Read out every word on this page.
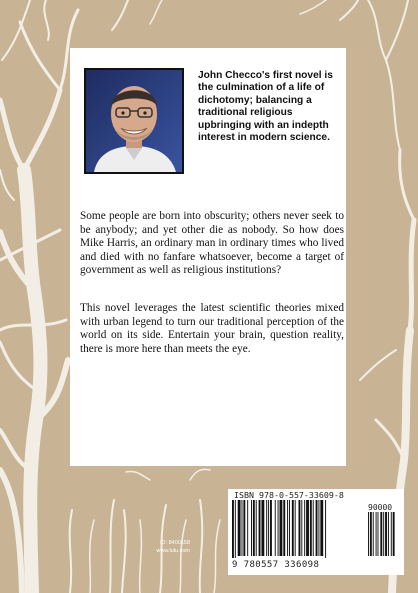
John Checco's first novel is the culmination of a life of dichotomy; balancing a traditional religious upbringing with an indepth interest in modern science.

Some people are born into obscurity; others never seek to be anybody; and yet other die as nobody. So how does Mike Harris, an ordinary man in ordinary times who lived and died with no fanfare whatsoever, become a target of government as well as religious institutions?

This novel leverages the latest scientific theories mixed with urban legend to turn our traditional perception of the world on its side. Entertain your brain, question reality, there is more here than meets the eye.

ID: 8400158
www.lulu.com
ISBN 978-0-557-33609-8
90000
9 780557 336098
